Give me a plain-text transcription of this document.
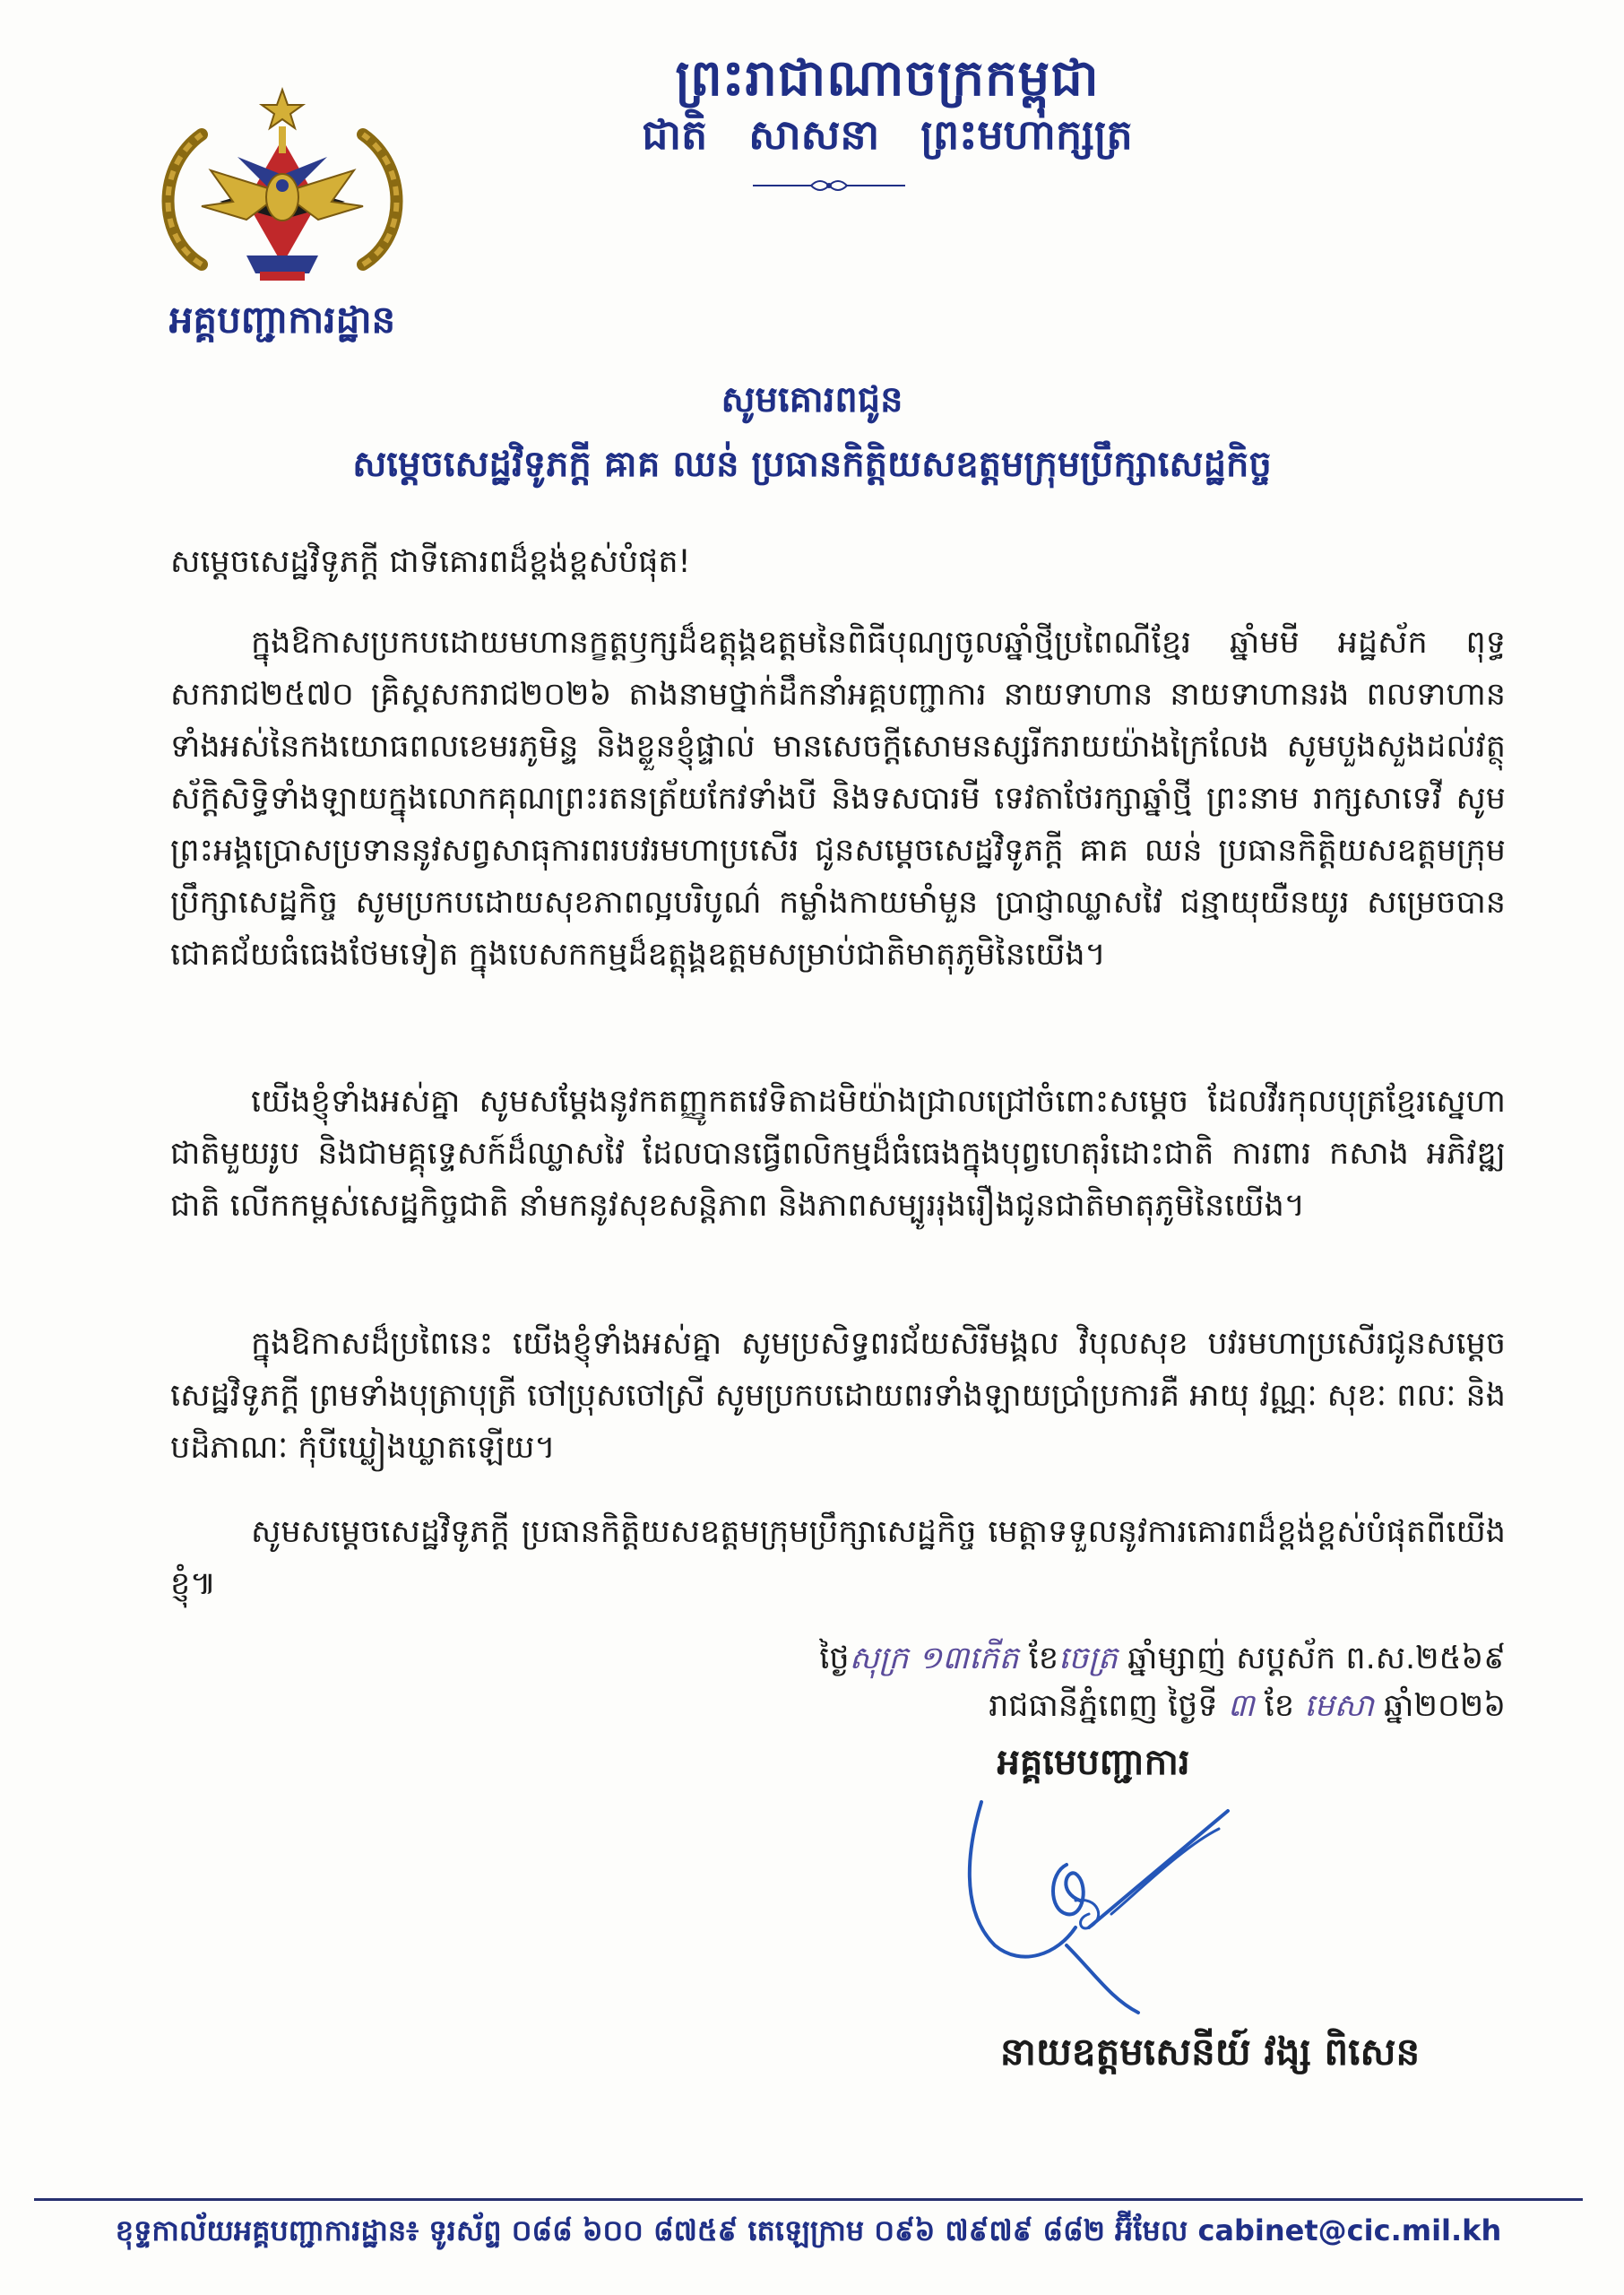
អគ្គបញ្ជាការដ្ឋាន
ព្រះរាជាណាចក្រកម្ពុជា
ជាតិ សាសនា ព្រះមហាក្សត្រ
សូមគោរពជូន
សម្តេចសេដ្ឋវិទូភក្តី ឝាគ ឈន់ ប្រធានកិត្តិយសឧត្តមក្រុមប្រឹក្សាសេដ្ឋកិច្ច
សម្តេចសេដ្ឋវិទូភក្តី ជាទីគោរពដ៏ខ្ពង់ខ្ពស់បំផុត!
ក្នុងឱកាសប្រកបដោយមហានក្ខត្តឫក្សដ៏ឧត្តុង្គឧត្តមនៃពិធីបុណ្យចូលឆ្នាំថ្មីប្រពៃណីខ្មែរ ឆ្នាំមមី អដ្ឋស័ក ពុទ្ធសករាជ២៥៧០ គ្រិស្តសករាជ២០២៦ តាងនាមថ្នាក់ដឹកនាំអគ្គបញ្ជាការ នាយទាហាន នាយទាហានរង ពលទាហានទាំងអស់នៃកងយោធពលខេមរភូមិន្ទ និងខ្លួនខ្ញុំផ្ទាល់ មានសេចក្តីសោមនស្សរីករាយយ៉ាងក្រៃលែង សូមបួងសួងដល់វត្ថុស័ក្តិសិទ្ធិទាំងឡាយក្នុងលោកគុណព្រះរតនត្រ័យកែវទាំងបី និងទសបារមី ទេវតាថែរក្សាឆ្នាំថ្មី ព្រះនាម រាក្សសាទេវី សូមព្រះអង្គប្រោសប្រទាននូវសព្វសាធុការពរបវរមហាប្រសើរ ជូនសម្តេចសេដ្ឋវិទូភក្តី ឝាគ ឈន់ ប្រធានកិត្តិយសឧត្តមក្រុមប្រឹក្សាសេដ្ឋកិច្ច សូមប្រកបដោយសុខភាពល្អបរិបូណ៌ កម្លាំងកាយមាំមួន ប្រាជ្ញាឈ្លាសវៃ ជន្មាយុយឺនយូរ សម្រេចបានជោគជ័យធំធេងថែមទៀត ក្នុងបេសកកម្មដ៏ឧត្តុង្គឧត្តមសម្រាប់ជាតិមាតុភូមិនៃយើង។
យើងខ្ញុំទាំងអស់គ្នា សូមសម្តែងនូវកតញ្ញូកតវេទិតាដមិយ៉ាងជ្រាលជ្រៅចំពោះសម្តេច ដែលវីរកុលបុត្រខ្មែរស្នេហាជាតិមួយរូប និងជាមគ្គុទ្ទេសក៍ដ៏ឈ្លាសវៃ ដែលបានធ្វើពលិកម្មដ៏ធំធេងក្នុងបុព្វហេតុរំដោះជាតិ ការពារ កសាង អភិវឌ្ឍជាតិ លើកកម្ពស់សេដ្ឋកិច្ចជាតិ នាំមកនូវសុខសន្តិភាព និងភាពសម្បូររុងរឿងជូនជាតិមាតុភូមិនៃយើង។
ក្នុងឱកាសដ៏ប្រពៃនេះ យើងខ្ញុំទាំងអស់គ្នា សូមប្រសិទ្ធពរជ័យសិរីមង្គល វិបុលសុខ បវរមហាប្រសើរជូនសម្តេចសេដ្ឋវិទូភក្តី ព្រមទាំងបុត្រាបុត្រី ចៅប្រុសចៅស្រី សូមប្រកបដោយពរទាំងឡាយប្រាំប្រការគឺ អាយុ វណ្ណៈ សុខៈ ពលៈ និងបដិភាណៈ កុំបីឃ្លៀងឃ្លាតឡើយ។
សូមសម្តេចសេដ្ឋវិទូភក្តី ប្រធានកិត្តិយសឧត្តមក្រុមប្រឹក្សាសេដ្ឋកិច្ច មេត្តាទទួលនូវការគោរពដ៏ខ្ពង់ខ្ពស់បំផុតពីយើងខ្ញុំ៕
ថ្ងៃសុក្រ ១៣កើត ខែចេត្រ ឆ្នាំម្សាញ់ សប្តស័ក ព.ស.២៥៦៩
រាជធានីភ្នំពេញ ថ្ងៃទី ៣ ខែ មេសា ឆ្នាំ២០២៦
អគ្គមេបញ្ជាការ
នាយឧត្តមសេនីយ៍ វង្ស ពិសេន
ខុទ្ទកាល័យអគ្គបញ្ជាការដ្ឋាន៖ ទូរស័ព្ទ ០៨៨ ៦០០ ៨៧៥៩ តេឡេក្រាម ០៩៦ ៧៩៧៩ ៨៨២ អ៊ីមែល cabinet@cic.mil.kh
